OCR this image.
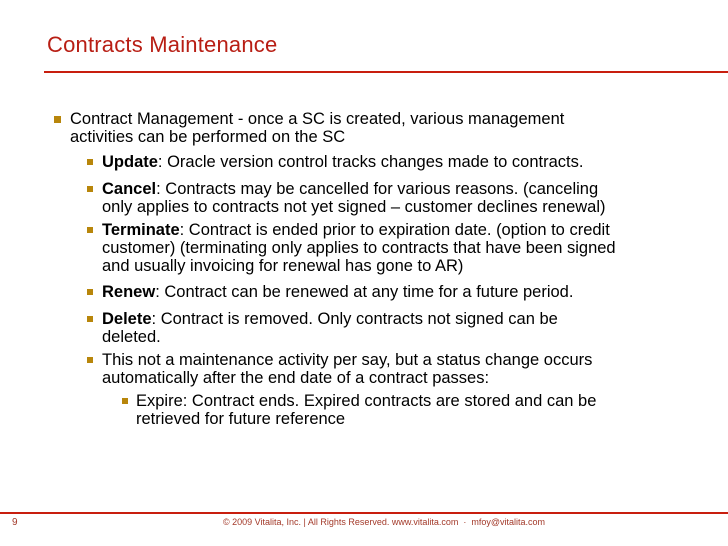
Contracts Maintenance
Contract Management - once a SC is created, various management
activities can be performed on the SC
Update: Oracle version control tracks changes made to contracts.
Cancel: Contracts may be cancelled for various reasons. (canceling
only applies to contracts not yet signed – customer declines renewal)
Terminate: Contract is ended prior to expiration date. (option to credit
customer) (terminating only applies to contracts that have been signed
and usually invoicing for renewal has gone to AR)
Renew: Contract can be renewed at any time for a future period.
Delete: Contract is removed. Only contracts not signed can be
deleted.
This not a maintenance activity per say, but a status change occurs
automatically after the end date of a contract passes:
Expire: Contract ends. Expired contracts are stored and can be
retrieved for future reference
9	© 2009 Vitalita, Inc. | All Rights Reserved. www.vitalita.com  ·  mfoy@vitalita.com
